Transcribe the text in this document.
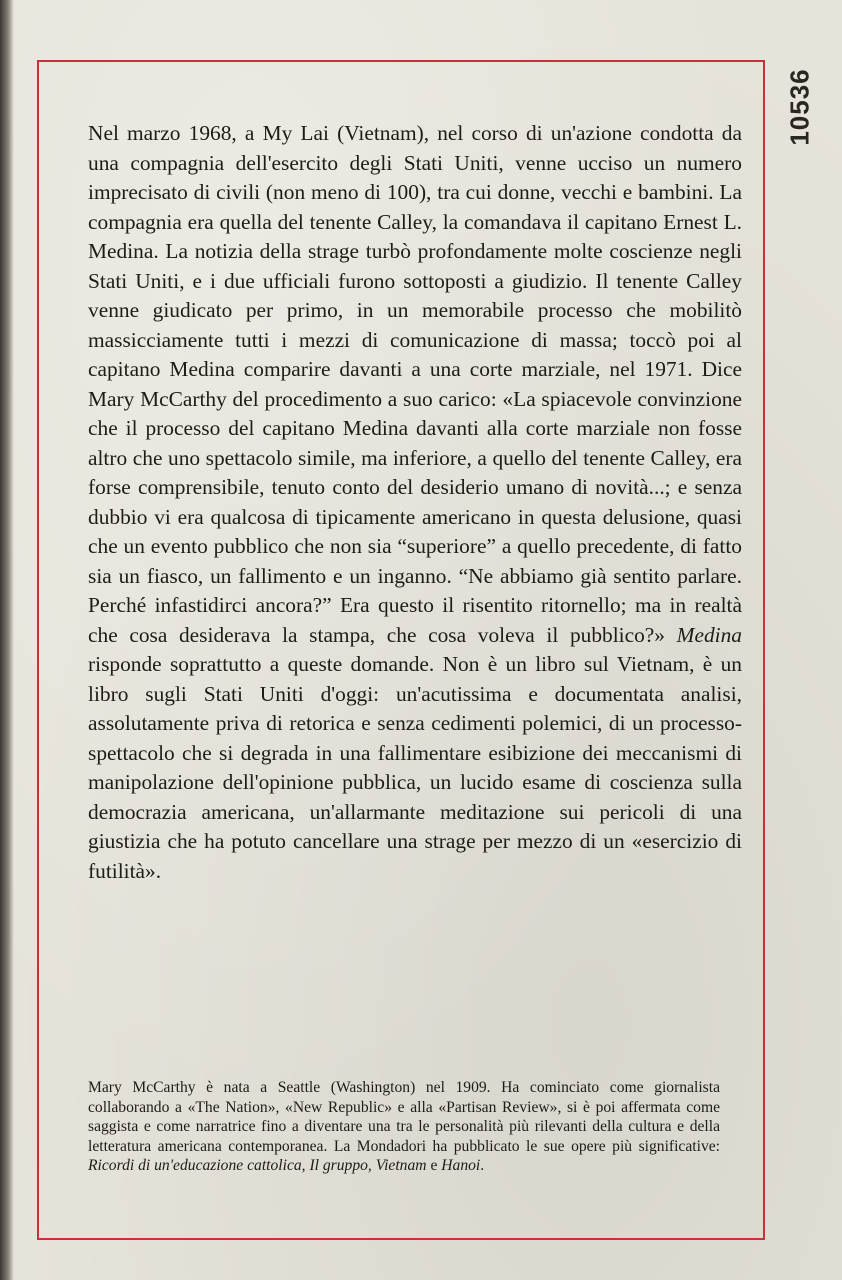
10536
Nel marzo 1968, a My Lai (Vietnam), nel corso di un'azione condotta da una compagnia dell'esercito degli Stati Uniti, venne ucciso un numero imprecisato di civili (non meno di 100), tra cui donne, vecchi e bambini. La compagnia era quella del tenente Calley, la comandava il capitano Ernest L. Medina. La notizia della strage turbò profondamente molte coscienze negli Stati Uniti, e i due ufficiali furono sottoposti a giudizio. Il tenente Calley venne giudicato per primo, in un memorabile processo che mobilitò massicciamente tutti i mezzi di comunicazione di massa; toccò poi al capitano Medina comparire davanti a una corte marziale, nel 1971. Dice Mary McCarthy del procedimento a suo carico: «La spiacevole convinzione che il processo del capitano Medina davanti alla corte marziale non fosse altro che uno spettacolo simile, ma inferiore, a quello del tenente Calley, era forse comprensibile, tenuto conto del desiderio umano di novità...; e senza dubbio vi era qualcosa di tipicamente americano in questa delusione, quasi che un evento pubblico che non sia “superiore” a quello precedente, di fatto sia un fiasco, un fallimento e un inganno. “Ne abbiamo già sentito parlare. Perché infastidirci ancora?” Era questo il risentito ritornello; ma in realtà che cosa desiderava la stampa, che cosa voleva il pubblico?» Medina risponde soprattutto a queste domande. Non è un libro sul Vietnam, è un libro sugli Stati Uniti d'oggi: un'acutissima e documentata analisi, assolutamente priva di retorica e senza cedimenti polemici, di un processo-spettacolo che si degrada in una fallimentare esibizione dei meccanismi di manipolazione dell'opinione pubblica, un lucido esame di coscienza sulla democrazia americana, un'allarmante meditazione sui pericoli di una giustizia che ha potuto cancellare una strage per mezzo di un «esercizio di futilità».
Mary McCarthy è nata a Seattle (Washington) nel 1909. Ha cominciato come giornalista collaborando a «The Nation», «New Republic» e alla «Partisan Review», si è poi affermata come saggista e come narratrice fino a diventare una tra le personalità più rilevanti della cultura e della letteratura americana contemporanea. La Mondadori ha pubblicato le sue opere più significative: Ricordi di un'educazione cattolica, Il gruppo, Vietnam e Hanoi.
